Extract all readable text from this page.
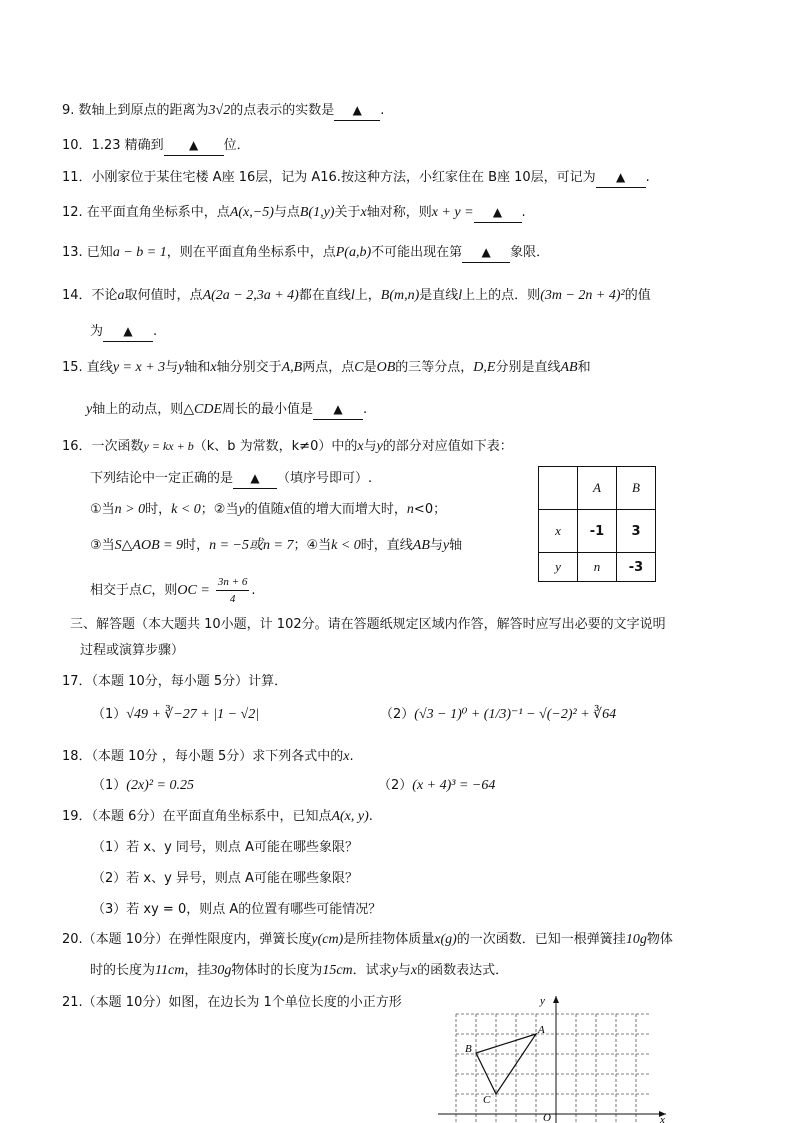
9. 数轴上到原点的距离为3√2的点表示的实数是 ▲ .
10．1.23 精确到 ▲ 位．
11．小刚家位于某住宅楼 A座 16层，记为 A16.按这种方法，小红家住在 B座 10层，可记为 ▲ .
12. 在平面直角坐标系中，点A(x,−5)与点B(1,y)关于x轴对称，则x + y = ▲ .
13. 已知a − b = 1，则在平面直角坐标系中，点P(a,b)不可能出现在第 ▲ 象限．
14．不论a取何值时，点A(2a − 2,3a + 4)都在直线l上，B(m,n)是直线l上上的点．则(3m − 2n + 4)²的值
为 ▲ .
15. 直线y = x + 3与y轴和x轴分别交于A,B两点，点C是OB的三等分点，D,E分别是直线AB和
y轴上的动点，则△CDE周长的最小值是 ▲ .
16．一次函数y = kx + b（k、b 为常数，k≠0）中的x与y的部分对应值如下表：
下列结论中一定正确的是 ▲ （填序号即可）.
①当n > 0时，k < 0；②当y的值随x值的增大而增大时，n<0；
③当S△AOB = 9时，n = −5或n = 7；④当k < 0时，直线AB与y轴
相交于点C，则OC = $\frac{3n + 6}{4}$ .
	A	B
x	-1	3
y	n	-3
三、解答题（本大题共 10小题，计 102分。请在答题纸规定区域内作答，解答时应写出必要的文字说明
过程或演算步骤）
17．（本题 10分，每小题 5分）计算．
（1）√49 + ∛−27 + |1 − √2|	（2）(√3 − 1)⁰ + (1/3)⁻¹ − √(−2)² + ∛64
18．（本题 10分 ，每小题 5分）求下列各式中的x.
（1）(2x)² = 0.25	（2）(x + 4)³ = −64
19．（本题 6分）在平面直角坐标系中，已知点A(x, y).
（1）若 x、y 同号，则点 A可能在哪些象限？
（2）若 x、y 异号，则点 A可能在哪些象限？
（3）若 xy = 0，则点 A的位置有哪些可能情况？
20.（本题 10分）在弹性限度内，弹簧长度y(cm)是所挂物体质量x(g)的一次函数．已知一根弹簧挂10g物体
时的长度为11cm，挂30g物体时的长度为15cm．试求y与x的函数表达式．
21.（本题 10分）如图，在边长为 1个单位长度的小正方形
A
B
C
O	x
y
